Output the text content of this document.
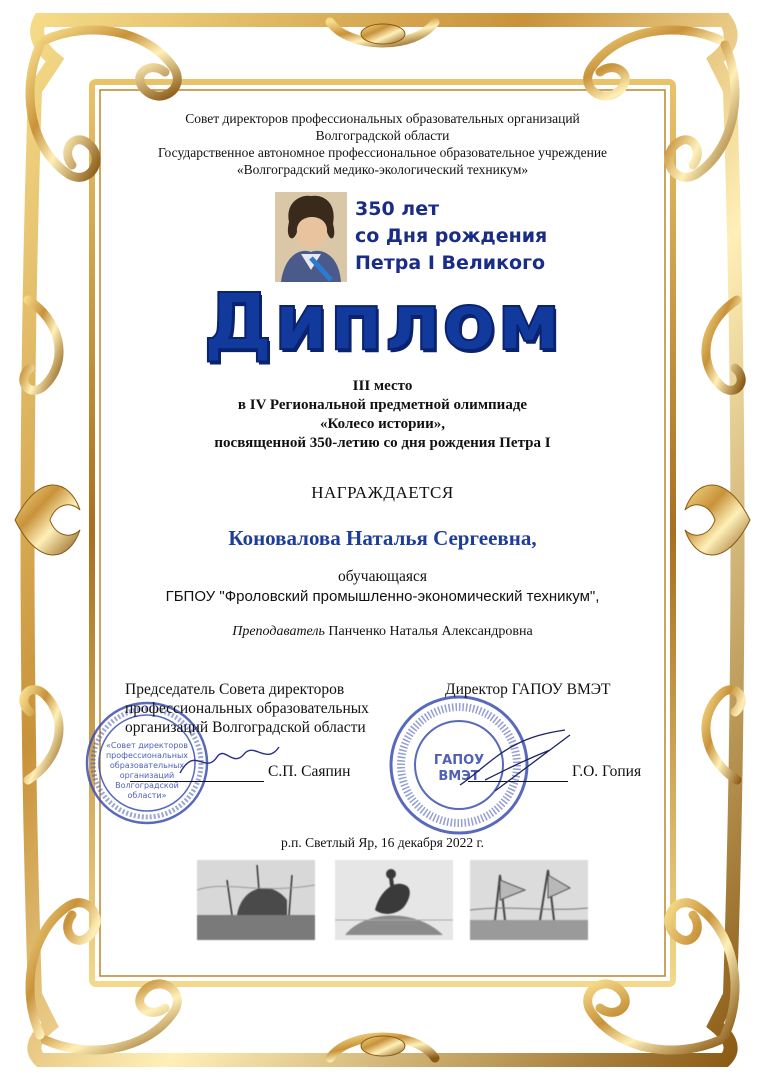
Совет директоров профессиональных образовательных организаций
Волгоградской области
Государственное автономное профессиональное образовательное учреждение
«Волгоградский медико-экологический техникум»
350 лет
со Дня рождения
Петра I Великого
Диплом
III место
в IV Региональной предметной олимпиаде
«Колесо истории»,
посвященной 350-летию со дня рождения Петра I
НАГРАЖДАЕТСЯ
Коновалова Наталья Сергеевна,
обучающаяся
ГБПОУ "Фроловский промышленно-экономический техникум",
Преподаватель Панченко Наталья Александровна
«Совет директоров
профессиональных
образовательных
организаций
Волгоградской
области»
ГАПОУ
ВМЭТ
Председатель Совета директоров
профессиональных образовательных
организаций Волгоградской области
С.П. Саяпин
Директор ГАПОУ ВМЭТ
Г.О. Гопия
р.п. Светлый Яр, 16 декабря 2022 г.
